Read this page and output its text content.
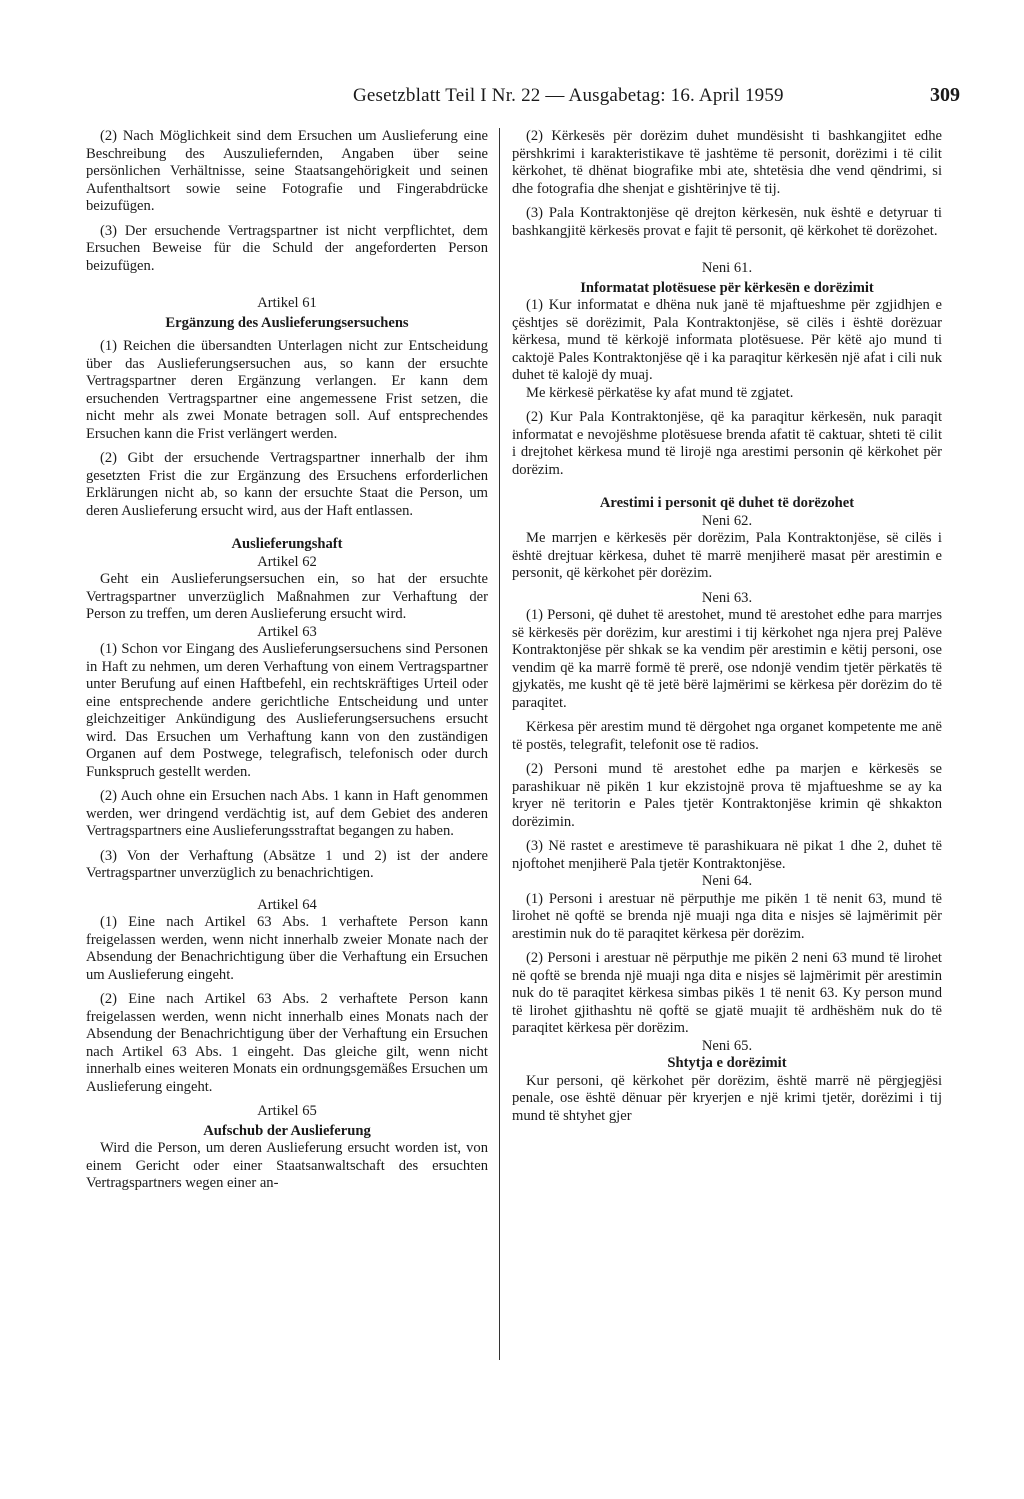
Gesetzblatt Teil I Nr. 22 — Ausgabetag: 16. April 1959	309

(2) Nach Möglichkeit sind dem Ersuchen um Auslieferung eine Beschreibung des Auszuliefernden, Angaben über seine persönlichen Verhältnisse, seine Staatsangehörigkeit und seinen Aufenthaltsort sowie seine Fotografie und Fingerabdrücke beizufügen.

(3) Der ersuchende Vertragspartner ist nicht verpflichtet, dem Ersuchen Beweise für die Schuld der angeforderten Person beizufügen.

Artikel 61
Ergänzung des Auslieferungsersuchens

(1) Reichen die übersandten Unterlagen nicht zur Entscheidung über das Auslieferungsersuchen aus, so kann der ersuchte Vertragspartner deren Ergänzung verlangen. Er kann dem ersuchenden Vertragspartner eine angemessene Frist setzen, die nicht mehr als zwei Monate betragen soll. Auf entsprechendes Ersuchen kann die Frist verlängert werden.

(2) Gibt der ersuchende Vertragspartner innerhalb der ihm gesetzten Frist die zur Ergänzung des Ersuchens erforderlichen Erklärungen nicht ab, so kann der ersuchte Staat die Person, um deren Auslieferung ersucht wird, aus der Haft entlassen.

Auslieferungshaft
Artikel 62

Geht ein Auslieferungsersuchen ein, so hat der ersuchte Vertragspartner unverzüglich Maßnahmen zur Verhaftung der Person zu treffen, um deren Auslieferung ersucht wird.

Artikel 63

(1) Schon vor Eingang des Auslieferungsersuchens sind Personen in Haft zu nehmen, um deren Verhaftung von einem Vertragspartner unter Berufung auf einen Haftbefehl, ein rechtskräftiges Urteil oder eine entsprechende andere gerichtliche Entscheidung und unter gleichzeitiger Ankündigung des Auslieferungsersuchens ersucht wird. Das Ersuchen um Verhaftung kann von den zuständigen Organen auf dem Postwege, telegrafisch, telefonisch oder durch Funkspruch gestellt werden.

(2) Auch ohne ein Ersuchen nach Abs. 1 kann in Haft genommen werden, wer dringend verdächtig ist, auf dem Gebiet des anderen Vertragspartners eine Auslieferungsstraftat begangen zu haben.

(3) Von der Verhaftung (Absätze 1 und 2) ist der andere Vertragspartner unverzüglich zu benachrichtigen.

Artikel 64

(1) Eine nach Artikel 63 Abs. 1 verhaftete Person kann freigelassen werden, wenn nicht innerhalb zweier Monate nach der Absendung der Benachrichtigung über die Verhaftung ein Ersuchen um Auslieferung eingeht.

(2) Eine nach Artikel 63 Abs. 2 verhaftete Person kann freigelassen werden, wenn nicht innerhalb eines Monats nach der Absendung der Benachrichtigung über der Verhaftung ein Ersuchen nach Artikel 63 Abs. 1 eingeht. Das gleiche gilt, wenn nicht innerhalb eines weiteren Monats ein ordnungsgemäßes Ersuchen um Auslieferung eingeht.

Artikel 65
Aufschub der Auslieferung

Wird die Person, um deren Auslieferung ersucht worden ist, von einem Gericht oder einer Staatsanwaltschaft des ersuchten Vertragspartners wegen einer an-

(2) Kërkesës për dorëzim duhet mundësisht ti bashkangjitet edhe përshkrimi i karakteristikave të jashtëme të personit, dorëzimi i të cilit kërkohet, të dhënat biografike mbi ate, shtetësia dhe vend qëndrimi, si dhe fotografia dhe shenjat e gishtërinjve të tij.

(3) Pala Kontraktonjëse që drejton kërkesën, nuk është e detyruar ti bashkangjitë kërkesës provat e fajit të personit, që kërkohet të dorëzohet.

Neni 61.
Informatat plotësuese për kërkesën e dorëzimit

(1) Kur informatat e dhëna nuk janë të mjaftueshme për zgjidhjen e çështjes së dorëzimit, Pala Kontraktonjëse, së cilës i është dorëzuar kërkesa, mund të kërkojë informata plotësuese. Për këtë ajo mund ti caktojë Pales Kontraktonjëse që i ka paraqitur kërkesën një afat i cili nuk duhet të kalojë dy muaj.

Me kërkesë përkatëse ky afat mund të zgjatet.

(2) Kur Pala Kontraktonjëse, që ka paraqitur kërkesën, nuk paraqit informatat e nevojëshme plotësuese brenda afatit të caktuar, shteti të cilit i drejtohet kërkesa mund të lirojë nga arestimi personin që kërkohet për dorëzim.

Arestimi i personit që duhet të dorëzohet
Neni 62.

Me marrjen e kërkesës për dorëzim, Pala Kontraktonjëse, së cilës i është drejtuar kërkesa, duhet të marrë menjiherë masat për arestimin e personit, që kërkohet për dorëzim.

Neni 63.

(1) Personi, që duhet të arestohet, mund të arestohet edhe para marrjes së kërkesës për dorëzim, kur arestimi i tij kërkohet nga njera prej Palëve Kontraktonjëse për shkak se ka vendim për arestimin e këtij personi, ose vendim që ka marrë formë të prerë, ose ndonjë vendim tjetër përkatës të gjykatës, me kusht që të jetë bërë lajmërimi se kërkesa për dorëzim do të paraqitet.

Kërkesa për arestim mund të dërgohet nga organet kompetente me anë të postës, telegrafit, telefonit ose të radios.

(2) Personi mund të arestohet edhe pa marjen e kërkesës se parashikuar në pikën 1 kur ekzistojnë prova të mjaftueshme se ay ka kryer në teritorin e Pales tjetër Kontraktonjëse krimin që shkakton dorëzimin.

(3) Në rastet e arestimeve të parashikuara në pikat 1 dhe 2, duhet të njoftohet menjiherë Pala tjetër Kontraktonjëse.

Neni 64.

(1) Personi i arestuar në përputhje me pikën 1 të nenit 63, mund të lirohet në qoftë se brenda një muaji nga dita e nisjes së lajmërimit për arestimin nuk do të paraqitet kërkesa për dorëzim.

(2) Personi i arestuar në përputhje me pikën 2 neni 63 mund të lirohet në qoftë se brenda një muaji nga dita e nisjes së lajmërimit për arestimin nuk do të paraqitet kërkesa simbas pikës 1 të nenit 63. Ky person mund të lirohet gjithashtu në qoftë se gjatë muajit të ardhëshëm nuk do të paraqitet kërkesa për dorëzim.

Neni 65.
Shtytja e dorëzimit

Kur personi, që kërkohet për dorëzim, është marrë në përgjegjësi penale, ose është dënuar për kryerjen e një krimi tjetër, dorëzimi i tij mund të shtyhet gjer
